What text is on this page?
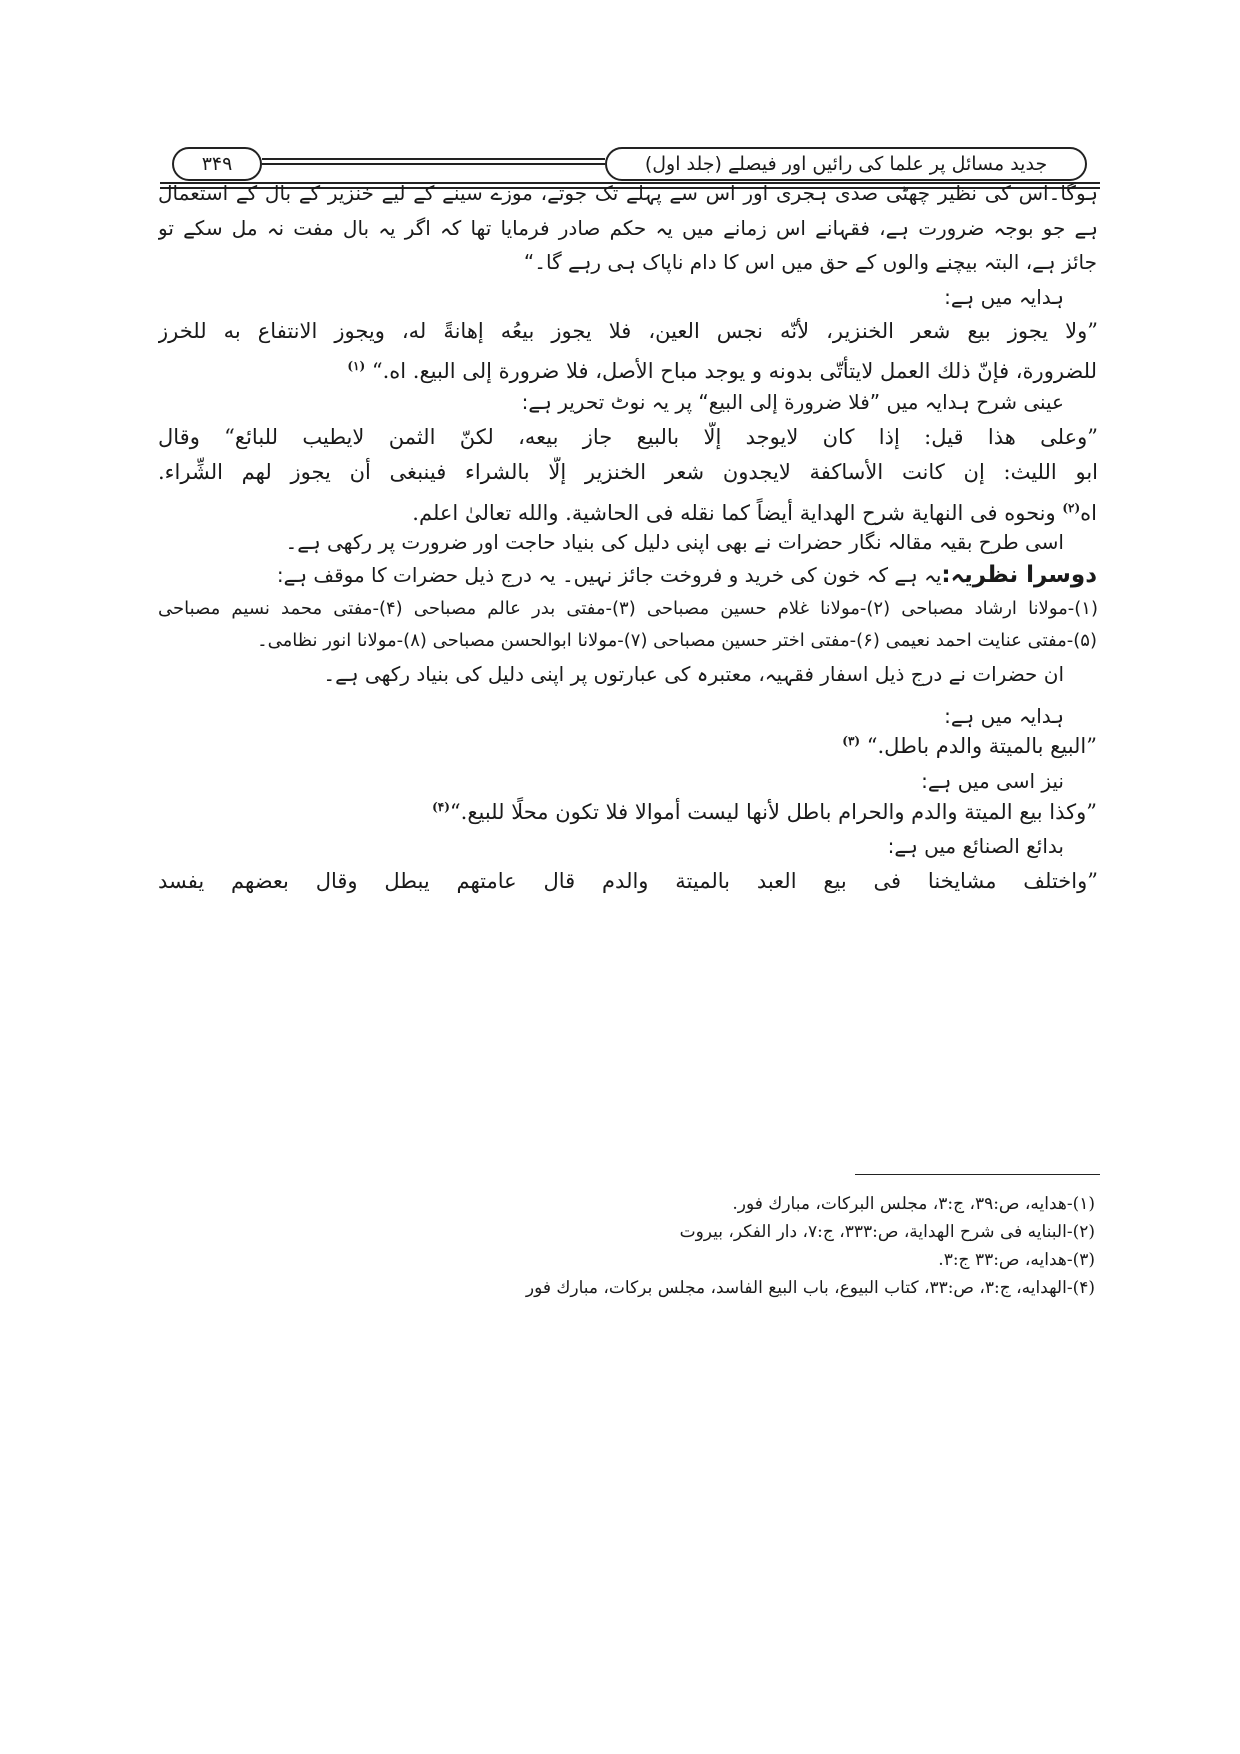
۳۴۹	جدید مسائل پر علما کی رائیں اور فیصلے (جلد اول)
ہوگا۔اس کی نظیر چھٹی صدی ہجری اور اس سے پہلے تک جوتے، موزے سینے کے لیے خنزیر کے بال کے استعمال
ہے جو بوجہ ضرورت ہے، فقہانے اس زمانے میں یہ حکم صادر فرمایا تھا کہ اگر یہ بال مفت نہ مل سکے تو
جائز ہے، البتہ بیچنے والوں کے حق میں اس کا دام ناپاک ہی رہے گا۔“
ہدایہ میں ہے:
”ولا يجوز بيع شعر الخنزير، لأنّه نجس العين، فلا يجوز بيعُه إهانةً له، ويجوز الانتفاع به للخرز
للضرورة، فإنّ ذلك العمل لايتأتّى بدونه و يوجد مباح الأصل، فلا ضرورة إلى البيع. اه.“ $^{(۱)}$
عینی شرح ہدایہ میں ”فلا ضرورة إلى البيع“ پر یہ نوٹ تحریر ہے:
”وعلى هذا قيل: إذا كان لايوجد إلّا بالبيع جاز بيعه، لكنّ الثمن لايطيب للبائع“ وقال
ابو الليث: إن كانت الأساكفة لايجدون شعر الخنزير إلّا بالشراء فينبغى أن يجوز لهم الشِّراء.
اه$^{(۲)}$ ونحوه فى النهاية شرح الهداية أيضاً كما نقله فى الحاشية. والله تعالىٰ اعلم.
اسی طرح بقیہ مقالہ نگار حضرات نے بھی اپنی دلیل کی بنیاد حاجت اور ضرورت پر رکھی ہے۔
دوسرا نظریہ:یہ ہے کہ خون کی خرید و فروخت جائز نہیں۔ یہ درج ذیل حضرات کا موقف ہے:
(۱)-مولانا ارشاد مصباحی (۲)-مولانا غلام حسین مصباحی (۳)-مفتی بدر عالم مصباحی (۴)-مفتی محمد نسیم مصباحی
(۵)-مفتی عنایت احمد نعیمی (۶)-مفتی اختر حسین مصباحی (۷)-مولانا ابوالحسن مصباحی (۸)-مولانا انور نظامی۔
ان حضرات نے درج ذیل اسفار فقہیہ، معتبرہ کی عبارتوں پر اپنی دلیل کی بنیاد رکھی ہے۔
ہدایہ میں ہے:
”البيع بالميتة والدم باطل.“ $^{(۳)}$
نیز اسی میں ہے:
”وكذا بيع الميتة والدم والحرام باطل لأنها ليست أموالا فلا تكون محلًا للبيع.“$^{(۴)}$
بدائع الصنائع میں ہے:
”واختلف مشايخنا فى بيع العبد بالميتة والدم قال عامتهم يبطل وقال بعضهم يفسد
(۱)-هدايه، ص:۳۹، ج:۳، مجلس البركات، مبارك فور.
(۲)-البنايه فى شرح الهداية، ص:۳۳۳، ج:۷، دار الفكر، بيروت
(۳)-هدايه، ص:۳۳ ج:۳.
(۴)-الهدايه، ج:۳، ص:۳۳، كتاب البيوع، باب البيع الفاسد، مجلس بركات، مبارك فور
